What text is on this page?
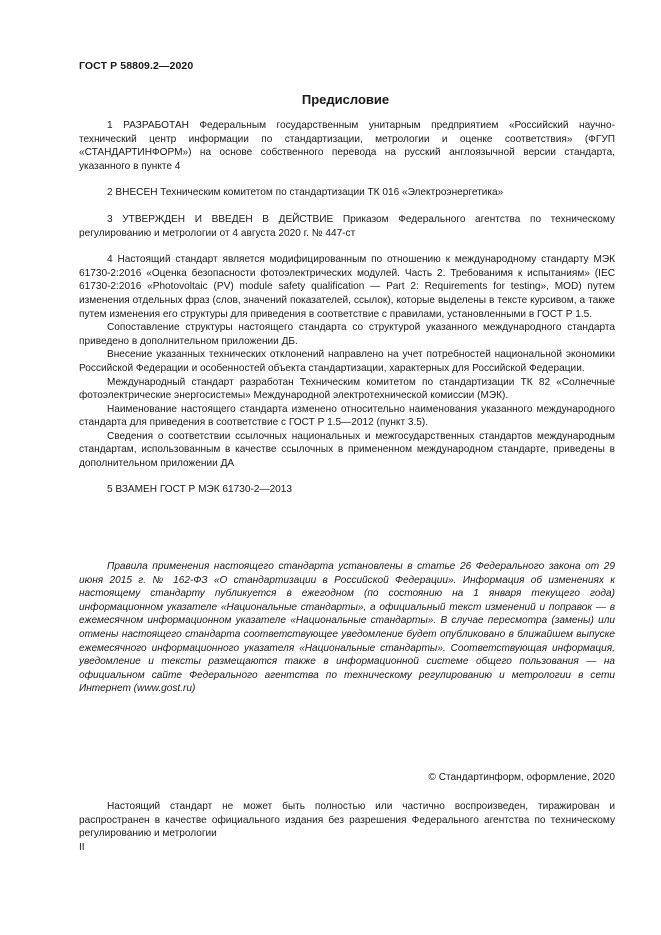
ГОСТ Р 58809.2—2020
Предисловие

1 РАЗРАБОТАН Федеральным государственным унитарным предприятием «Российский научно-технический центр информации по стандартизации, метрологии и оценке соответствия» (ФГУП «СТАНДАРТИНФОРМ») на основе собственного перевода на русский англоязычной версии стандарта, указанного в пункте 4

2 ВНЕСЕН Техническим комитетом по стандартизации ТК 016 «Электроэнергетика»

3 УТВЕРЖДЕН И ВВЕДЕН В ДЕЙСТВИЕ Приказом Федерального агентства по техническому регулированию и метрологии от 4 августа 2020 г. № 447-ст

4 Настоящий стандарт является модифицированным по отношению к международному стандарту МЭК 61730-2:2016 «Оценка безопасности фотоэлектрических модулей. Часть 2. Требованимя к испытаниям» (IEC 61730-2:2016 «Photovoltaic (PV) module safety qualification — Part 2: Requirements for testing», MOD) путем изменения отдельных фраз (слов, значений показателей, ссылок), которые выделены в тексте курсивом, а также путем изменения его структуры для приведения в соответствие с правилами, установленными в ГОСТ Р 1.5.

Сопоставление структуры настоящего стандарта со структурой указанного международного стандарта приведено в дополнительном приложении ДБ.

Внесение указанных технических отклонений направлено на учет потребностей национальной экономики Российской Федерации и особенностей объекта стандартизации, характерных для Российской Федерации.

Международный стандарт разработан Техническим комитетом по стандартизации ТК 82 «Солнечные фотоэлектрические энергосистемы» Международной электротехнической комиссии (МЭК).

Наименование настоящего стандарта изменено относительно наименования указанного международного стандарта для приведения в соответствие с ГОСТ Р 1.5—2012 (пункт 3.5).

Сведения о соответствии ссылочных национальных и межгосударственных стандартов международным стандартам, использованным в качестве ссылочных в примененном международном стандарте, приведены в дополнительном приложении ДА

5 ВЗАМЕН ГОСТ Р МЭК 61730-2—2013

Правила применения настоящего стандарта установлены в статье 26 Федерального закона от 29 июня 2015 г. № 162-ФЗ «О стандартизации в Российской Федерации». Информация об изменениях к настоящему стандарту публикуется в ежегодном (по состоянию на 1 января текущего года) информационном указателе «Национальные стандарты», а официальный текст изменений и поправок — в ежемесячном информационном указателе «Национальные стандарты». В случае пересмотра (замены) или отмены настоящего стандарта соответствующее уведомление будет опубликовано в ближайшем выпуске ежемесячного информационного указателя «Национальные стандарты». Соответствующая информация, уведомление и тексты размещаются также в информационной системе общего пользования — на официальном сайте Федерального агентства по техническому регулированию и метрологии в сети Интернет (www.gost.ru)

© Стандартинформ, оформление, 2020

Настоящий стандарт не может быть полностью или частично воспроизведен, тиражирован и распространен в качестве официального издания без разрешения Федерального агентства по техническому регулированию и метрологии

II
